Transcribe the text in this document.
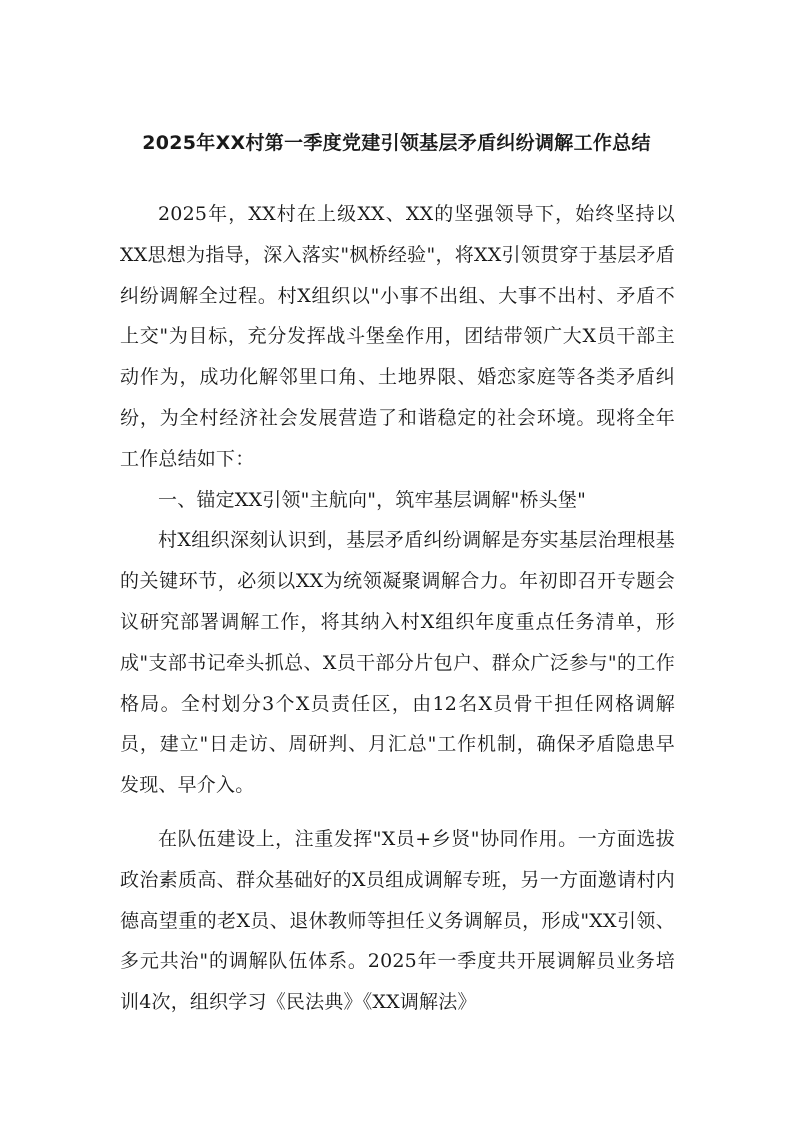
2025年XX村第一季度党建引领基层矛盾纠纷调解工作总结

2025年，XX村在上级XX、XX的坚强领导下，始终坚持以XX思想为指导，深入落实"枫桥经验"，将XX引领贯穿于基层矛盾纠纷调解全过程。村X组织以"小事不出组、大事不出村、矛盾不上交"为目标，充分发挥战斗堡垒作用，团结带领广大X员干部主动作为，成功化解邻里口角、土地界限、婚恋家庭等各类矛盾纠纷，为全村经济社会发展营造了和谐稳定的社会环境。现将全年工作总结如下：

一、锚定XX引领"主航向"，筑牢基层调解"桥头堡"

村X组织深刻认识到，基层矛盾纠纷调解是夯实基层治理根基的关键环节，必须以XX为统领凝聚调解合力。年初即召开专题会议研究部署调解工作，将其纳入村X组织年度重点任务清单，形成"支部书记牵头抓总、X员干部分片包户、群众广泛参与"的工作格局。全村划分3个X员责任区，由12名X员骨干担任网格调解员，建立"日走访、周研判、月汇总"工作机制，确保矛盾隐患早发现、早介入。

在队伍建设上，注重发挥"X员+乡贤"协同作用。一方面选拔政治素质高、群众基础好的X员组成调解专班，另一方面邀请村内德高望重的老X员、退休教师等担任义务调解员，形成"XX引领、多元共治"的调解队伍体系。2025年一季度共开展调解员业务培训4次，组织学习《民法典》《XX调解法》
